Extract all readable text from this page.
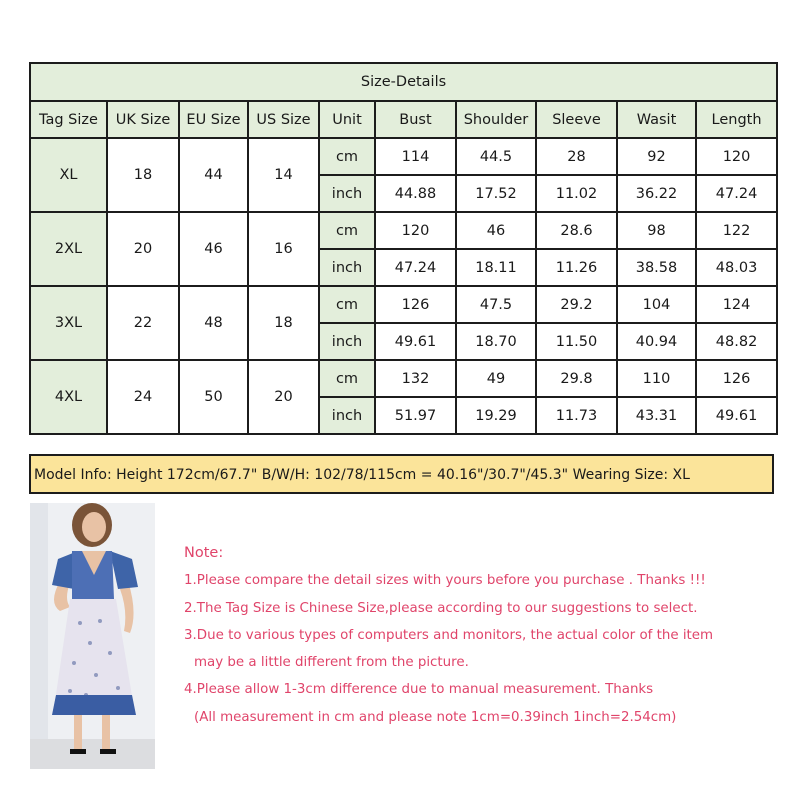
Size-Details									
Tag Size	UK Size	EU Size	US Size	Unit	Bust	Shoulder	Sleeve	Wasit	Length
XL	18	44	14	cm	114	44.5	28	92	120
				inch	44.88	17.52	11.02	36.22	47.24
2XL	20	46	16	cm	120	46	28.6	98	122
				inch	47.24	18.11	11.26	38.58	48.03
3XL	22	48	18	cm	126	47.5	29.2	104	124
				inch	49.61	18.70	11.50	40.94	48.82
4XL	24	50	20	cm	132	49	29.8	110	126
				inch	51.97	19.29	11.73	43.31	49.61
Model Info: Height 172cm/67.7" B/W/H: 102/78/115cm = 40.16"/30.7"/45.3" Wearing Size: XL
Note:
1.Please compare the detail sizes with yours before you purchase . Thanks !!!
2.The Tag Size is Chinese Size,please according to our suggestions to select.
3.Due to various types of computers and monitors, the actual color of the item
may be a little different from the picture.
4.Please allow 1-3cm difference due to manual measurement. Thanks
(All measurement in cm and please note 1cm=0.39inch 1inch=2.54cm)
